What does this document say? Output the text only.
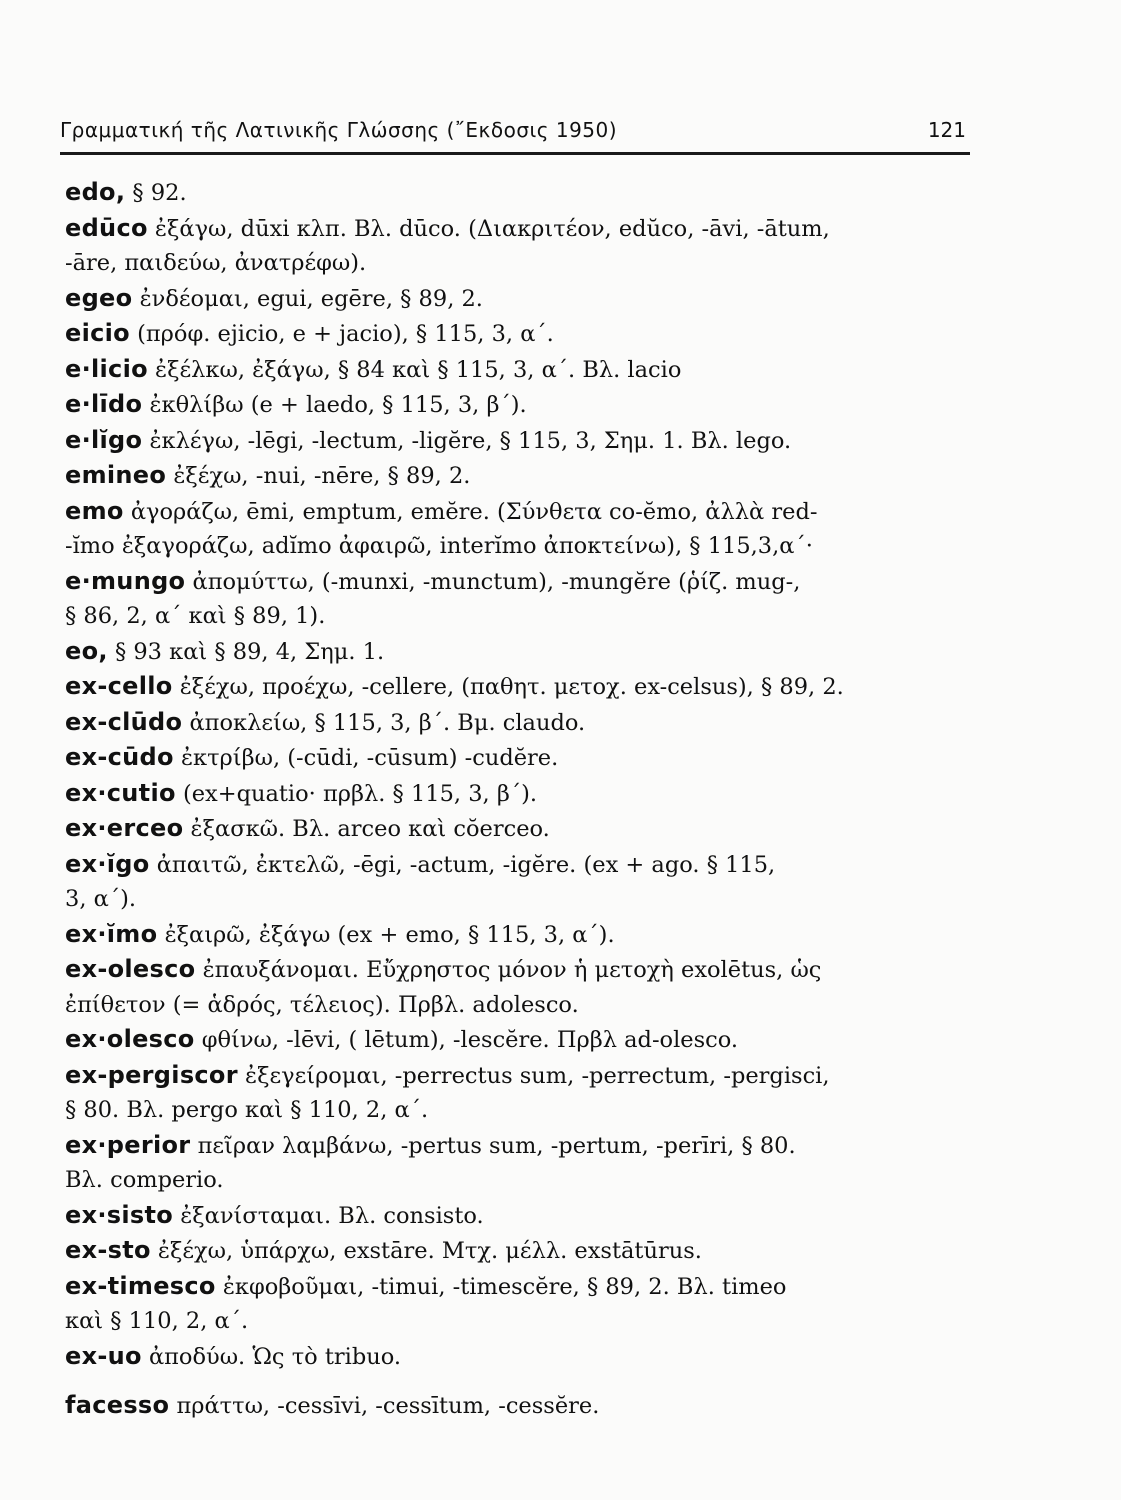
Γραμματική τῆς Λατινικῆς Γλώσσης (῎Εκδοσις 1950)	121
edo, § 92.
edūco ἐξάγω, dūxi κλπ. Βλ. dūco. (Διακριτέον, edŭco, -āvi, -ātum,
-āre, παιδεύω, ἀνατρέφω).
egeo ἐνδέομαι, egui, egēre, § 89, 2.
eicio (πρόφ. ejicio, e + jacio), § 115, 3, α΄.
e·licio ἐξέλκω, ἐξάγω, § 84 καὶ § 115, 3, α΄. Βλ. lacio
e·līdo ἐκθλίβω (e + laedo, § 115, 3, β΄).
e·lĭgo ἐκλέγω, -lēgi, -lectum, -ligĕre, § 115, 3, Σημ. 1. Βλ. lego.
emineo ἐξέχω, -nui, -nēre, § 89, 2.
emo ἀγοράζω, ēmi, emptum, emĕre. (Σύνθετα co-ĕmo, ἀλλὰ red-
-ĭmo ἐξαγοράζω, adĭmo ἀφαιρῶ, interĭmo ἀποκτείνω), § 115,3,α΄·
e·mungo ἀπομύττω, (-munxi, -munctum), -mungĕre (ῥίζ. mug-,
§ 86, 2, α΄ καὶ § 89, 1).
eo, § 93 καὶ § 89, 4, Σημ. 1.
ex-cello ἐξέχω, προέχω, -cellere, (παθητ. μετοχ. ex-celsus), § 89, 2.
ex-clūdo ἀποκλείω, § 115, 3, β΄. Βμ. claudo.
ex-cūdo ἐκτρίβω, (-cūdi, -cūsum) -cudĕre.
ex·cutio (ex+quatio· πρβλ. § 115, 3, β΄).
ex·erceo ἐξασκῶ. Βλ. arceo καὶ cŏerceo.
ex·ĭgo ἀπαιτῶ, ἐκτελῶ, -ēgi, -actum, -igĕre. (ex + ago. § 115,
3, α΄).
ex·ĭmo ἐξαιρῶ, ἐξάγω (ex + emo, § 115, 3, α΄).
ex-olesco ἐπαυξάνομαι. Εὔχρηστος μόνον ἡ μετοχὴ exolētus, ὡς
ἐπίθετον (= ἁδρός, τέλειος). Πρβλ. adolesco.
ex·olesco φθίνω, -lēvi, ( lētum), -lescĕre. Πρβλ ad-olesco.
ex-pergiscor ἐξεγείρομαι, -perrectus sum, -perrectum, -pergisci,
§ 80. Βλ. pergo καὶ § 110, 2, α΄.
ex·perior πεῖραν λαμβάνω, -pertus sum, -pertum, -perīri, § 80.
Βλ. comperio.
ex·sisto ἐξανίσταμαι. Βλ. consisto.
ex-sto ἐξέχω, ὑπάρχω, exstāre. Μτχ. μέλλ. exstātūrus.
ex-timesco ἐκφοβοῦμαι, -timui, -timescĕre, § 89, 2. Βλ. timeo
καὶ § 110, 2, α΄.
ex-uo ἀποδύω. Ὡς τὸ tribuo.
facesso πράττω, -cessīvi, -cessītum, -cessĕre.
